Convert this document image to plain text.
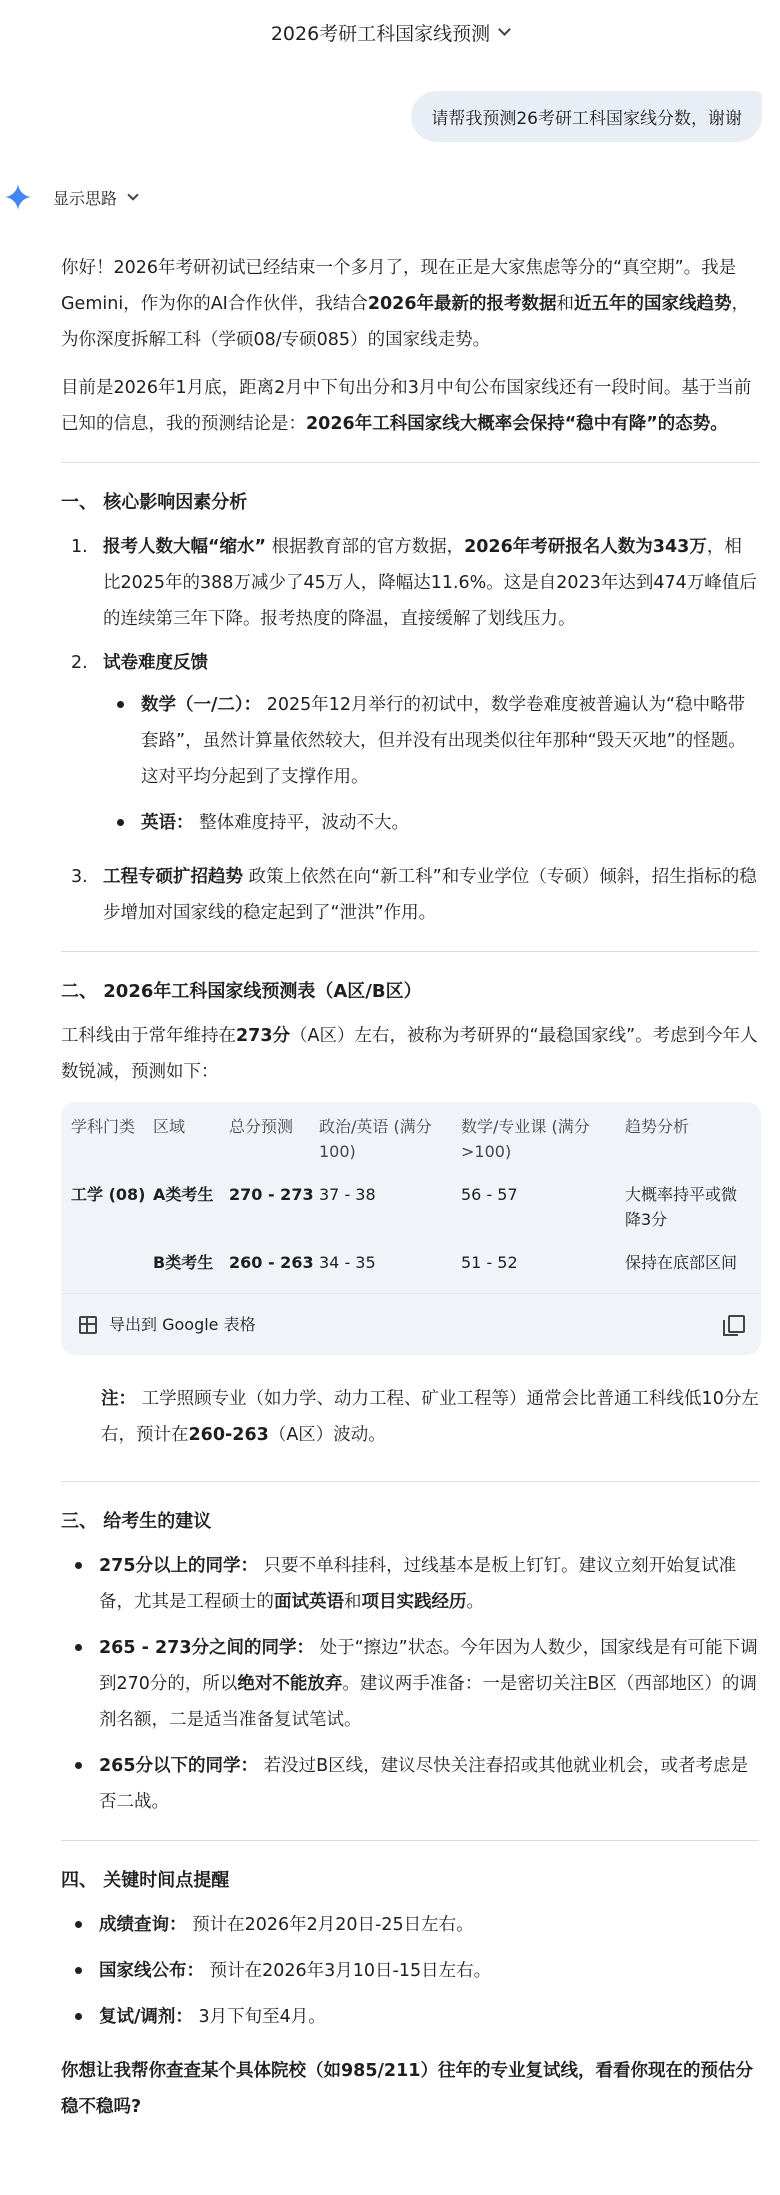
2026考研工科国家线预测
请帮我预测26考研工科国家线分数，谢谢
显示思路
你好！2026年考研初试已经结束一个多月了，现在正是大家焦虑等分的“真空期”。我是Gemini，作为你的AI合作伙伴，我结合2026年最新的报考数据和近五年的国家线趋势，为你深度拆解工科（学硕08/专硕085）的国家线走势。
目前是2026年1月底，距离2月中下旬出分和3月中旬公布国家线还有一段时间。基于当前已知的信息，我的预测结论是：2026年工科国家线大概率会保持“稳中有降”的态势。
一、 核心影响因素分析
1. 报考人数大幅“缩水” 根据教育部的官方数据，2026年考研报名人数为343万，相比2025年的388万减少了45万人，降幅达11.6%。这是自2023年达到474万峰值后的连续第三年下降。报考热度的降温，直接缓解了划线压力。
2. 试卷难度反馈
数学（一/二）： 2025年12月举行的初试中，数学卷难度被普遍认为“稳中略带套路”，虽然计算量依然较大，但并没有出现类似往年那种“毁天灭地”的怪题。这对平均分起到了支撑作用。
英语： 整体难度持平，波动不大。
3. 工程专硕扩招趋势 政策上依然在向“新工科”和专业学位（专硕）倾斜，招生指标的稳步增加对国家线的稳定起到了“泄洪”作用。
二、 2026年工科国家线预测表（A区/B区）
工科线由于常年维持在273分（A区）左右，被称为考研界的“最稳国家线”。考虑到今年人数锐减，预测如下：
学科门类	区域	总分预测	政治/英语 (满分100)	数学/专业课 (满分>100)	趋势分析
工学 (08)	A类考生	270 - 273	37 - 38	56 - 57	大概率持平或微降3分
	B类考生	260 - 263	34 - 35	51 - 52	保持在底部区间
导出到 Google 表格
注： 工学照顾专业（如力学、动力工程、矿业工程等）通常会比普通工科线低10分左右，预计在260-263（A区）波动。
三、 给考生的建议
275分以上的同学： 只要不单科挂科，过线基本是板上钉钉。建议立刻开始复试准备，尤其是工程硕士的面试英语和项目实践经历。
265 - 273分之间的同学： 处于“擦边”状态。今年因为人数少，国家线是有可能下调到270分的，所以绝对不能放弃。建议两手准备：一是密切关注B区（西部地区）的调剂名额，二是适当准备复试笔试。
265分以下的同学： 若没过B区线，建议尽快关注春招或其他就业机会，或者考虑是否二战。
四、 关键时间点提醒
成绩查询： 预计在2026年2月20日-25日左右。
国家线公布： 预计在2026年3月10日-15日左右。
复试/调剂： 3月下旬至4月。
你想让我帮你查查某个具体院校（如985/211）往年的专业复试线，看看你现在的预估分稳不稳吗?
